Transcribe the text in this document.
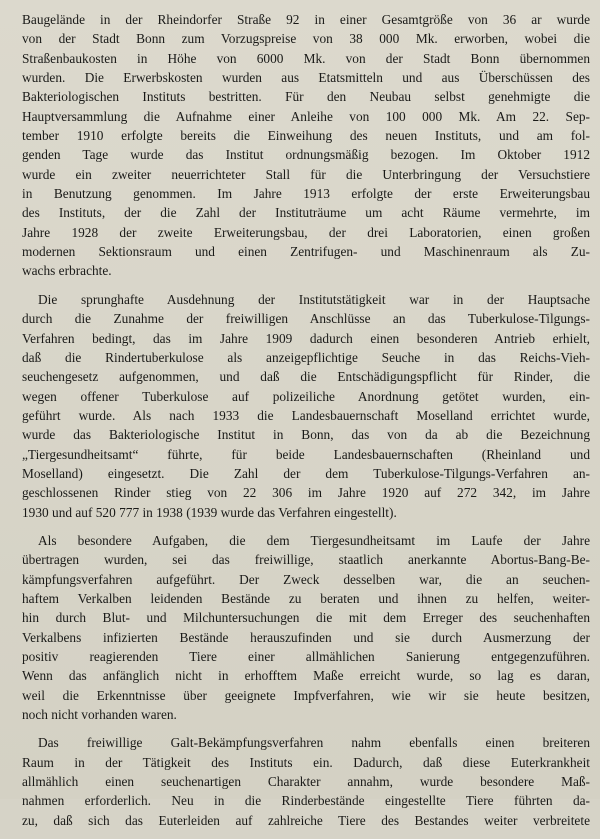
Baugelände in der Rheindorfer Straße 92 in einer Gesamtgröße von 36 ar wurde
von der Stadt Bonn zum Vorzugspreise von 38 000 Mk. erworben, wobei die
Straßenbaukosten in Höhe von 6000 Mk. von der Stadt Bonn übernommen
wurden. Die Erwerbskosten wurden aus Etatsmitteln und aus Überschüssen des
Bakteriologischen Instituts bestritten. Für den Neubau selbst genehmigte die
Hauptversammlung die Aufnahme einer Anleihe von 100 000 Mk. Am 22. Sep-
tember 1910 erfolgte bereits die Einweihung des neuen Instituts, und am fol-
genden Tage wurde das Institut ordnungsmäßig bezogen. Im Oktober 1912
wurde ein zweiter neuerrichteter Stall für die Unterbringung der Versuchstiere
in Benutzung genommen. Im Jahre 1913 erfolgte der erste Erweiterungsbau
des Instituts, der die Zahl der Instituträume um acht Räume vermehrte, im
Jahre 1928 der zweite Erweiterungsbau, der drei Laboratorien, einen großen
modernen Sektionsraum und einen Zentrifugen- und Maschinenraum als Zu-
wachs erbrachte.
Die sprunghafte Ausdehnung der Institutstätigkeit war in der Hauptsache
durch die Zunahme der freiwilligen Anschlüsse an das Tuberkulose-Tilgungs-
Verfahren bedingt, das im Jahre 1909 dadurch einen besonderen Antrieb erhielt,
daß die Rindertuberkulose als anzeigepflichtige Seuche in das Reichs-Vieh-
seuchengesetz aufgenommen, und daß die Entschädigungspflicht für Rinder, die
wegen offener Tuberkulose auf polizeiliche Anordnung getötet wurden, ein-
geführt wurde. Als nach 1933 die Landesbauernschaft Moselland errichtet wurde,
wurde das Bakteriologische Institut in Bonn, das von da ab die Bezeichnung
„Tiergesundheitsamt“ führte, für beide Landesbauernschaften (Rheinland und
Moselland) eingesetzt. Die Zahl der dem Tuberkulose-Tilgungs-Verfahren an-
geschlossenen Rinder stieg von 22 306 im Jahre 1920 auf 272 342, im Jahre
1930 und auf 520 777 in 1938 (1939 wurde das Verfahren eingestellt).
Als besondere Aufgaben, die dem Tiergesundheitsamt im Laufe der Jahre
übertragen wurden, sei das freiwillige, staatlich anerkannte Abortus-Bang-Be-
kämpfungsverfahren aufgeführt. Der Zweck desselben war, die an seuchen-
haftem Verkalben leidenden Bestände zu beraten und ihnen zu helfen, weiter-
hin durch Blut- und Milchuntersuchungen die mit dem Erreger des seuchenhaften
Verkalbens infizierten Bestände herauszufinden und sie durch Ausmerzung der
positiv reagierenden Tiere einer allmählichen Sanierung entgegenzuführen.
Wenn das anfänglich nicht in erhofftem Maße erreicht wurde, so lag es daran,
weil die Erkenntnisse über geeignete Impfverfahren, wie wir sie heute besitzen,
noch nicht vorhanden waren.
Das freiwillige Galt-Bekämpfungsverfahren nahm ebenfalls einen breiteren
Raum in der Tätigkeit des Instituts ein. Dadurch, daß diese Euterkrankheit
allmählich einen seuchenartigen Charakter annahm, wurde besondere Maß-
nahmen erforderlich. Neu in die Rinderbestände eingestellte Tiere führten da-
zu, daß sich das Euterleiden auf zahlreiche Tiere des Bestandes weiter verbreitete
